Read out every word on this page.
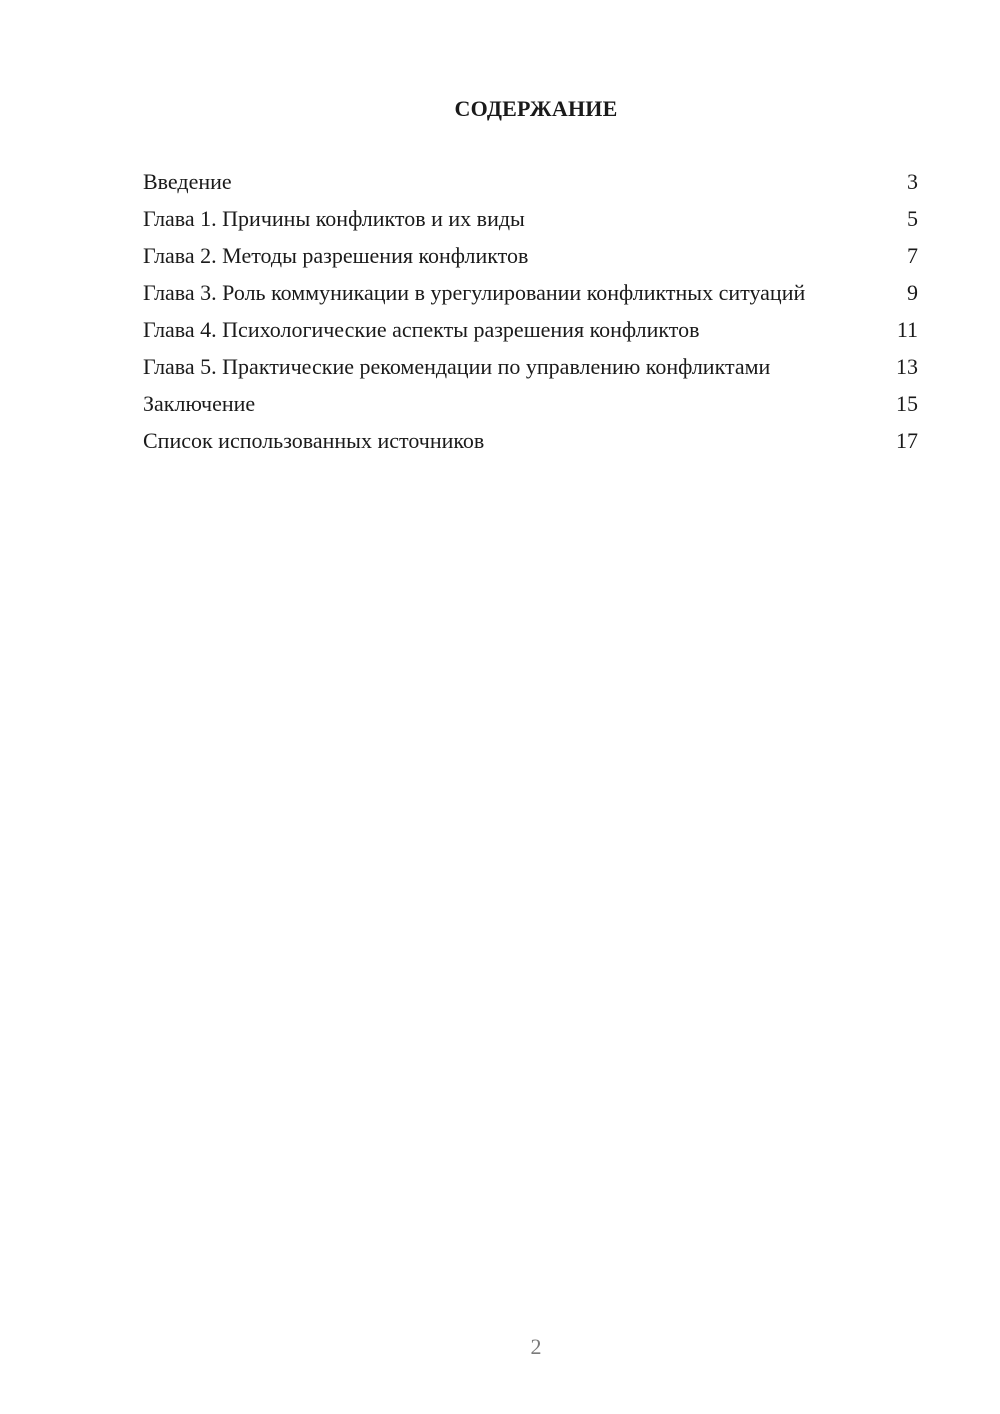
СОДЕРЖАНИЕ
Введение	3
Глава 1. Причины конфликтов и их виды	5
Глава 2. Методы разрешения конфликтов	7
Глава 3. Роль коммуникации в урегулировании конфликтных ситуаций	9
Глава 4. Психологические аспекты разрешения конфликтов	11
Глава 5. Практические рекомендации по управлению конфликтами	13
Заключение	15
Список использованных источников	17
2
